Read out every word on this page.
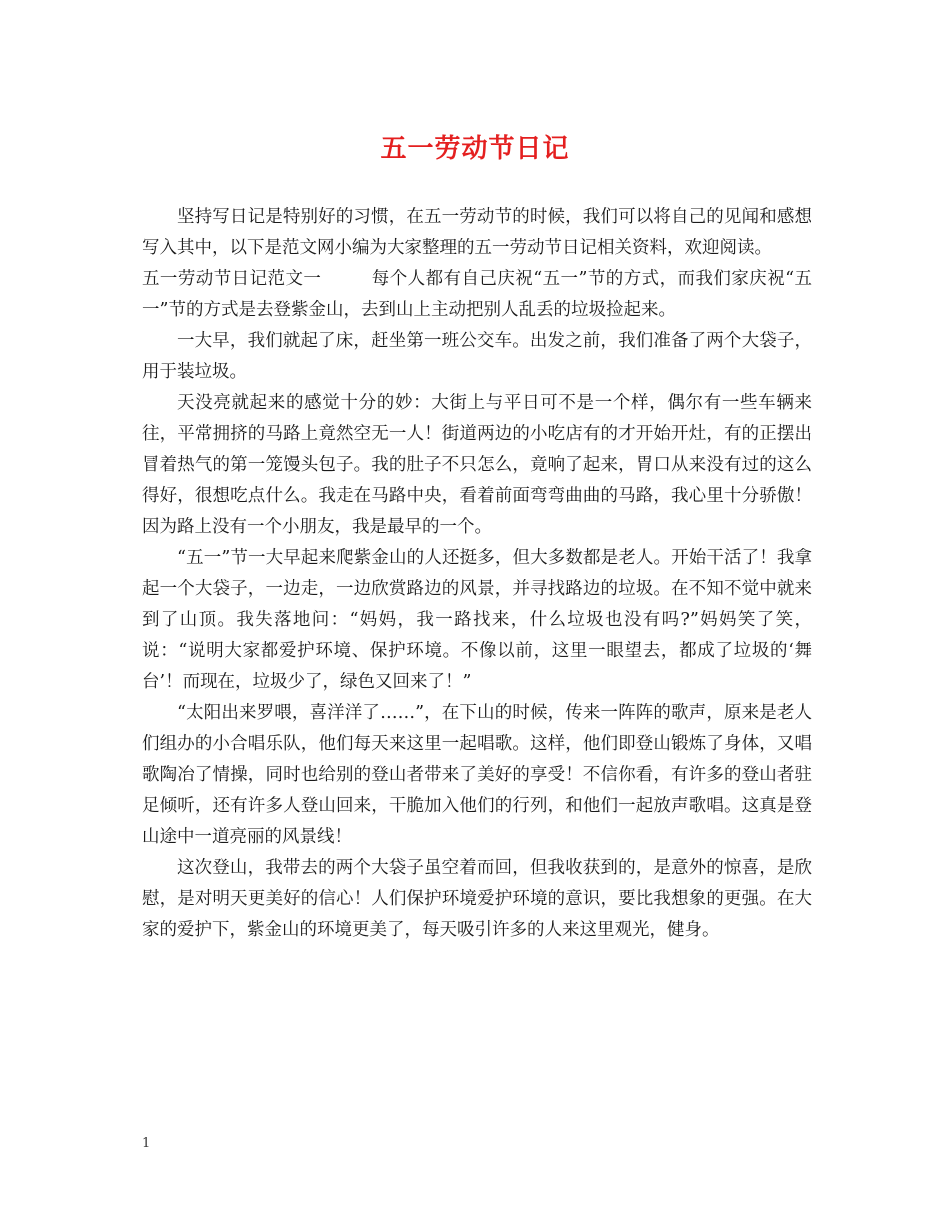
五一劳动节日记

坚持写日记是特别好的习惯，在五一劳动节的时候，我们可以将自己的见闻和感想写入其中，以下是范文网小编为大家整理的五一劳动节日记相关资料，欢迎阅读。

五一劳动节日记范文一	每个人都有自己庆祝“五一”节的方式，而我们家庆祝“五一”节的方式是去登紫金山，去到山上主动把别人乱丢的垃圾捡起来。

一大早，我们就起了床，赶坐第一班公交车。出发之前，我们准备了两个大袋子，用于装垃圾。

天没亮就起来的感觉十分的妙：大街上与平日可不是一个样，偶尔有一些车辆来往，平常拥挤的马路上竟然空无一人！街道两边的小吃店有的才开始开灶，有的正摆出冒着热气的第一笼馒头包子。我的肚子不只怎么，竟响了起来，胃口从来没有过的这么得好，很想吃点什么。我走在马路中央，看着前面弯弯曲曲的马路，我心里十分骄傲！因为路上没有一个小朋友，我是最早的一个。

“五一”节一大早起来爬紫金山的人还挺多，但大多数都是老人。开始干活了！我拿起一个大袋子，一边走，一边欣赏路边的风景，并寻找路边的垃圾。在不知不觉中就来到了山顶。我失落地问：“妈妈，我一路找来，什么垃圾也没有吗?”妈妈笑了笑，说：“说明大家都爱护环境、保护环境。不像以前，这里一眼望去，都成了垃圾的‘舞台’！而现在，垃圾少了，绿色又回来了！”

“太阳出来罗喂，喜洋洋了……”，在下山的时候，传来一阵阵的歌声，原来是老人们组办的小合唱乐队，他们每天来这里一起唱歌。这样，他们即登山锻炼了身体，又唱歌陶冶了情操，同时也给别的登山者带来了美好的享受！不信你看，有许多的登山者驻足倾听，还有许多人登山回来，干脆加入他们的行列，和他们一起放声歌唱。这真是登山途中一道亮丽的风景线！

这次登山，我带去的两个大袋子虽空着而回，但我收获到的，是意外的惊喜，是欣慰，是对明天更美好的信心！人们保护环境爱护环境的意识，要比我想象的更强。在大家的爱护下，紫金山的环境更美了，每天吸引许多的人来这里观光，健身。

1
